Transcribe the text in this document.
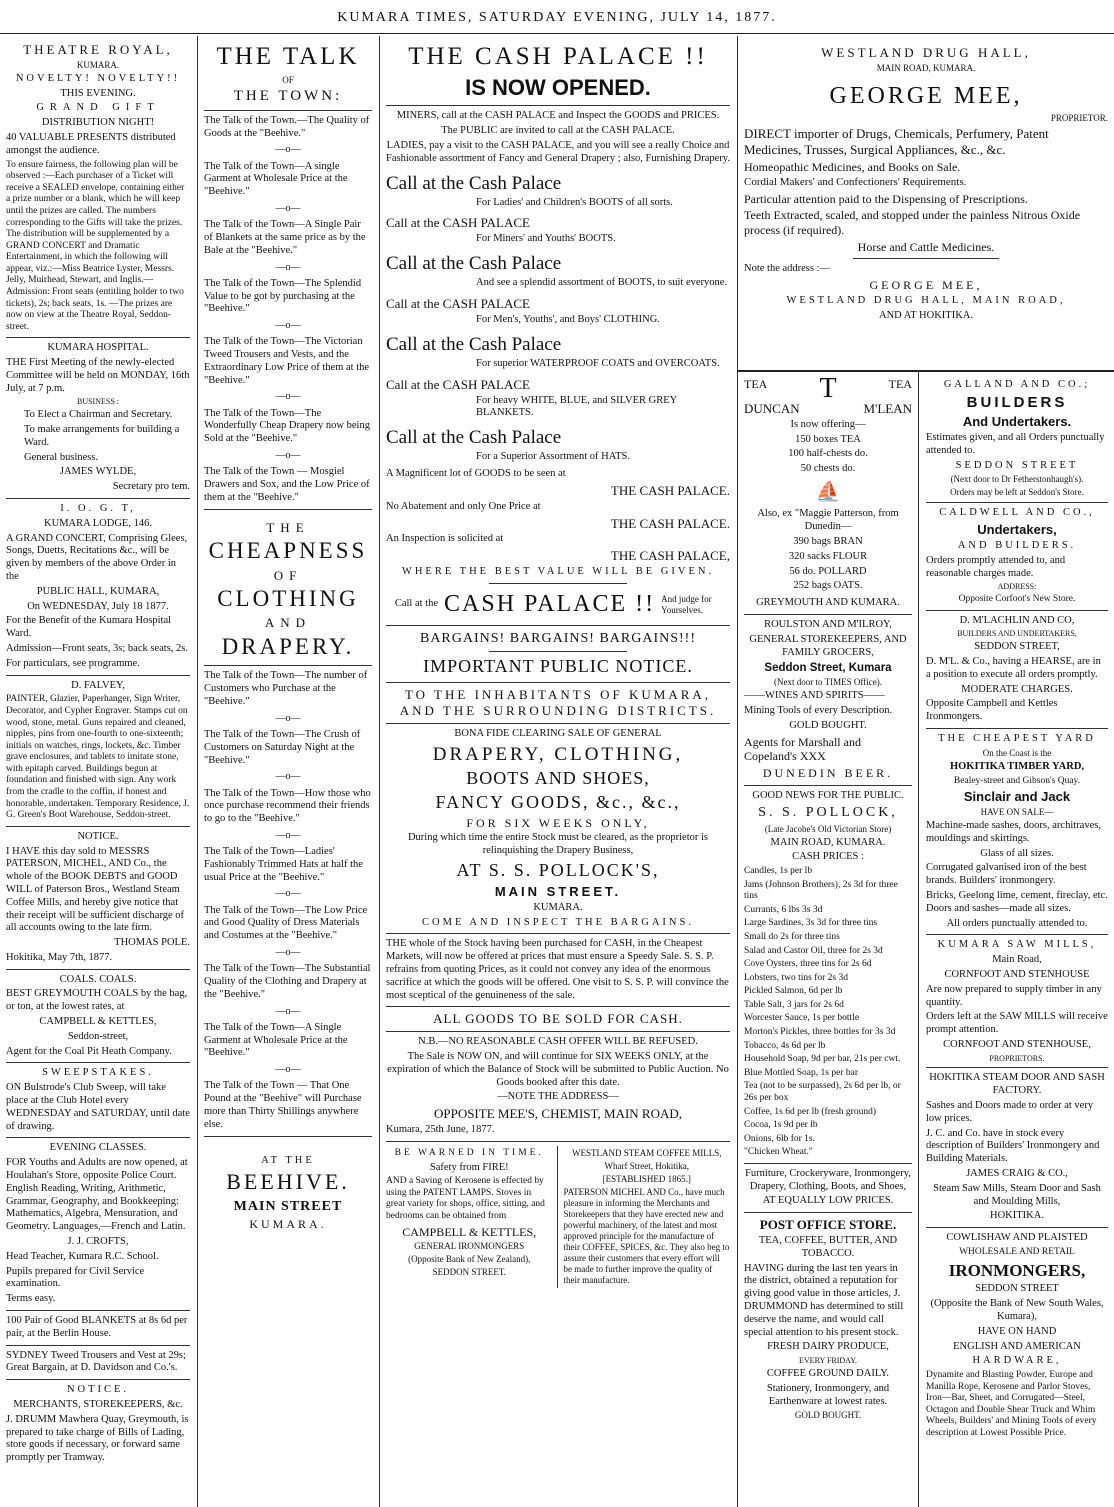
KUMARA TIMES, SATURDAY EVENING, JULY 14, 1877.

THEATRE ROYAL,

KUMARA.

NOVELTY! NOVELTY!!

THIS EVENING.

GRAND GIFT

DISTRIBUTION NIGHT!

40 VALUABLE PRESENTS distributed amongst the audience.

To ensure fairness, the following plan will be observed :—Each purchaser of a Ticket will receive a SEALED envelope, containing either a prize number or a blank, which he will keep until the prizes are called. The numbers corresponding to the Gifts will take the prizes. The distribution will be supplemented by a GRAND CONCERT and Dramatic Entertainment, in which the following will appear, viz.:—Miss Beatrice Lyster, Messrs. Jelly, Muirhead, Stewart, and Inglis.—Admission: Front seats (entitling holder to two tickets), 2s; back seats, 1s. —The prizes are now on view at the Theatre Royal, Seddon-street.

KUMARA HOSPITAL.

THE First Meeting of the newly-elected Committee will be held on MONDAY, 16th July, at 7 p.m.

BUSINESS :

To Elect a Chairman and Secretary.

To make arrangements for building a Ward.

General business.

JAMES WYLDE,

Secretary pro tem.

I. O. G. T,

KUMARA LODGE, 146.

A GRAND CONCERT, Comprising Glees, Songs, Duetts, Recitations &c., will be given by members of the above Order in the

PUBLIC HALL, KUMARA,

On WEDNESDAY, July 18 1877.

For the Benefit of the Kumara Hospital Ward.

Admission—Front seats, 3s; back seats, 2s.

For particulars, see programme.

D. FALVEY,

PAINTER, Glazier, Paperhanger, Sign Writer, Decorator, and Cypher Engraver. Stamps cut on wood, stone, metal. Guns repaired and cleaned, nipples, pins from one-fourth to one-sixteenth; initials on watches, rings, lockets, &c. Timber grave enclosures, and tablets to imitate stone, with epitaph carved. Buildings begun at foundation and finished with sign. Any work from the cradle to the coffin, if honest and honorable, undertaken. Temporary Residence, J. G. Green's Boot Warehouse, Seddon-street.

NOTICE.

I HAVE this day sold to MESSRS PATERSON, MICHEL, AND Co., the whole of the BOOK DEBTS and GOOD WILL of Paterson Bros., Westland Steam Coffee Mills, and hereby give notice that their receipt will be sufficient discharge of all accounts owing to the late firm.

THOMAS POLE.

Hokitika, May 7th, 1877.

COALS. COALS.

BEST GREYMOUTH COALS by the bag, or ton, at the lowest rates, at

CAMPBELL & KETTLES,

Seddon-street,

Agent for the Coal Pit Heath Company.

SWEEPSTAKES.

ON Bulstrode's Club Sweep, will take place at the Club Hotel every WEDNESDAY and SATURDAY, until date of drawing.

EVENING CLASSES.

FOR Youths and Adults are now opened, at Houlahan's Store, opposite Police Court. English Reading, Writing, Arithmetic, Grammar, Geography, and Bookkeeping: Mathematics, Algebra, Mensuration, and Geometry. Languages,—French and Latin.

J. J. CROFTS,

Head Teacher, Kumara R.C. School.

Pupils prepared for Civil Service examination.

Terms easy.

100 Pair of Good BLANKETS at 8s 6d per pair, at the Berlin House.

SYDNEY Tweed Trousers and Vest at 29s; Great Bargain, at D. Davidson and Co.'s.

NOTICE.

MERCHANTS, STOREKEEPERS, &c.

J. DRUMM Mawhera Quay, Greymouth, is prepared to take charge of Bills of Lading, store goods if necessary, or forward same promptly per Tramway.

THE TALK

OF

THE TOWN:

The Talk of the Town.—The Quality of Goods at the "Beehive."

—o—

The Talk of the Town—A single Garment at Wholesale Price at the "Beehive."

—o—

The Talk of the Town—A Single Pair of Blankets at the same price as by the Bale at the "Beehive."

—o—

The Talk of the Town—The Splendid Value to be got by purchasing at the "Beehive."

—o—

The Talk of the Town—The Victorian Tweed Trousers and Vests, and the Extraordinary Low Price of them at the "Beehive."

—o—

The Talk of the Town—The Wonderfully Cheap Drapery now being Sold at the "Beehive."

—o—

The Talk of the Town — Mosgiel Drawers and Sox, and the Low Price of them at the "Beehive."

THE

CHEAPNESS

OF

CLOTHING

AND

DRAPERY.

The Talk of the Town—The number of Customers who Purchase at the "Beehive."

—o—

The Talk of the Town—The Crush of Customers on Saturday Night at the "Beehive."

—o—

The Talk of the Town—How those who once purchase recommend their friends to go to the "Beehive."

—o—

The Talk of the Town—Ladies' Fashionably Trimmed Hats at half the usual Price at the "Beehive."

—o—

The Talk of the Town—The Low Price and Good Quality of Dress Materials and Costumes at the "Beehive."

—o—

The Talk of the Town—The Substantial Quality of the Clothing and Drapery at the "Beehive."

—o—

The Talk of the Town—A Single Garment at Wholesale Price at the "Beehive."

—o—

The Talk of the Town — That One Pound at the "Beehive" will Purchase more than Thirty Shillings anywhere else.

AT THE

BEEHIVE.

MAIN STREET

KUMARA.

THE CASH PALACE !!

IS NOW OPENED.

MINERS, call at the CASH PALACE and Inspect the GOODS and PRICES.

The PUBLIC are invited to call at the CASH PALACE.

LADIES, pay a visit to the CASH PALACE, and you will see a really Choice and Fashionable assortment of Fancy and General Drapery ; also, Furnishing Drapery.

Call at the Cash Palace

For Ladies' and Children's BOOTS of all sorts.

Call at the CASH PALACE

For Miners' and Youths' BOOTS.

Call at the Cash Palace

And see a splendid assortment of BOOTS, to suit everyone.

Call at the CASH PALACE

For Men's, Youths', and Boys' CLOTHING.

Call at the Cash Palace

For superior WATERPROOF COATS and OVERCOATS.

Call at the CASH PALACE

For heavy WHITE, BLUE, and SILVER GREY BLANKETS.

Call at the Cash Palace

For a Superior Assortment of HATS.

A Magnificent lot of GOODS to be seen at

THE CASH PALACE.

No Abatement and only One Price at

THE CASH PALACE.

An Inspection is solicited at

THE CASH PALACE,

WHERE THE BEST VALUE WILL BE GIVEN.

Call at the CASH PALACE !! And judge for Yourselves.

BARGAINS! BARGAINS! BARGAINS!!!

IMPORTANT PUBLIC NOTICE.

TO THE INHABITANTS OF KUMARA, AND THE SURROUNDING DISTRICTS.

BONA FIDE CLEARING SALE OF GENERAL

DRAPERY, CLOTHING,

BOOTS AND SHOES,

FANCY GOODS, &c., &c.,

FOR SIX WEEKS ONLY,

During which time the entire Stock must be cleared, as the proprietor is relinquishing the Drapery Business,

AT S. S. POLLOCK'S,

MAIN STREET.

KUMARA.

COME AND INSPECT THE BARGAINS.

THE whole of the Stock having been purchased for CASH, in the Cheapest Markets, will now be offered at prices that must ensure a Speedy Sale. S. S. P. refrains from quoting Prices, as it could not convey any idea of the enormous sacrifice at which the goods will be offered. One visit to S. S. P. will convince the most sceptical of the genuineness of the sale.

ALL GOODS TO BE SOLD FOR CASH.

N.B.—NO REASONABLE CASH OFFER WILL BE REFUSED.

The Sale is NOW ON, and will continue for SIX WEEKS ONLY, at the expiration of which the Balance of Stock will be submitted to Public Auction. No Goods booked after this date.

—NOTE THE ADDRESS—

OPPOSITE MEE'S, CHEMIST, MAIN ROAD,

Kumara, 25th June, 1877.

BE WARNED IN TIME.

Safety from FIRE!

AND a Saving of Kerosene is effected by using the PATENT LAMPS. Stoves in great variety for shops, office, sitting, and bedrooms can be obtained from

CAMPBELL & KETTLES,

GENERAL IRONMONGERS

(Opposite Bank of New Zealand),

SEDDON STREET.

WESTLAND STEAM COFFEE MILLS,

Wharf Street, Hokitika,

[ESTABLISHED 1865.]

PATERSON MICHEL AND Co., have much pleasure in informing the Merchants and Storekeepers that they have erected new and powerful machinery, of the latest and most approved principle for the manufacture of their COFFEE, SPICES, &c. They also beg to assure their customers that every effort will be made to further improve the quality of their manufacture.

WESTLAND DRUG HALL,

MAIN ROAD, KUMARA.

GEORGE MEE,

PROPRIETOR.

DIRECT importer of Drugs, Chemicals, Perfumery, Patent Medicines, Trusses, Surgical Appliances, &c., &c.

Homeopathic Medicines, and Books on Sale.

Cordial Makers' and Confectioners' Requirements.

Particular attention paid to the Dispensing of Prescriptions.

Teeth Extracted, scaled, and stopped under the painless Nitrous Oxide process (if required).

Horse and Cattle Medicines.

Note the address :—

GEORGE MEE,

WESTLAND DRUG HALL, MAIN ROAD,

AND AT HOKITIKA.

TEA T	TEA
DUNCAN	M'LEAN

Is now offering—

150 boxes TEA

100 half-chests do.

50 chests do.

⛵

Also, ex "Maggie Patterson, from Dunedin—

390 bags BRAN

320 sacks FLOUR

56 do. POLLARD

252 bags OATS.

GREYMOUTH AND KUMARA.

ROULSTON AND M'ILROY,

GENERAL STOREKEEPERS, AND FAMILY GROCERS,

Seddon Street, Kumara

(Next door to TIMES Office).

——WINES AND SPIRITS——

Mining Tools of every Description.

GOLD BOUGHT.

Agents for Marshall and Copeland's XXX

DUNEDIN BEER.

GOOD NEWS FOR THE PUBLIC.

S. S. POLLOCK,

(Late Jacobe's Old Victorian Store)

MAIN ROAD, KUMARA.

CASH PRICES :

Candles, 1s per lb

Jams (Johnson Brothers), 2s 3d for three tins

Currants, 6 lbs 3s 3d

Large Sardines, 3s 3d for three tins

Small do 2s for three tins

Salad and Castor Oil, three for 2s 3d

Cove Oysters, three tins for 2s 6d

Lobsters, two tins for 2s 3d

Pickled Salmon, 6d per lb

Table Salt, 3 jars for 2s 6d

Worcester Sauce, 1s per bottle

Morton's Pickles, three bottles for 3s 3d

Tobacco, 4s 6d per lb

Household Soap, 9d per bar, 21s per cwt.

Blue Mottled Soap, 1s per bar

Tea (not to be surpassed), 2s 6d per lb, or 26s per box

Coffee, 1s 6d per lb (fresh ground)

Cocoa, 1s 9d per lb

Onions, 6lb for 1s.

"Chicken Wheat."

Furniture, Crockeryware, Ironmongery, Drapery, Clothing, Boots, and Shoes,

AT EQUALLY LOW PRICES.

POST OFFICE STORE.

TEA, COFFEE, BUTTER, AND TOBACCO.

HAVING during the last ten years in the district, obtained a reputation for giving good value in those articles, J. DRUMMOND has determined to still deserve the name, and would call special attention to his present stock.

FRESH DAIRY PRODUCE,

EVERY FRIDAY.

COFFEE GROUND DAILY.

Stationery, Ironmongery, and Earthenware at lowest rates.

GOLD BOUGHT.

GALLAND AND CO.;

BUILDERS

And Undertakers.

Estimates given, and all Orders punctually attended to.

SEDDON STREET

(Next door to Dr Fetherstonhaugh's).

Orders may be left at Seddon's Store.

CALDWELL AND CO.,

Undertakers,

AND BUILDERS.

Orders promptly attended to, and reasonable charges made.

ADDRESS:

Opposite Corfoot's New Store.

D. M'LACHLIN AND CO,

BUILDERS AND UNDERTAKERS,

SEDDON STREET,

D. M'L. & Co., having a HEARSE, are in a position to execute all orders promptly.

MODERATE CHARGES.

Opposite Campbell and Kettles Ironmongers.

THE CHEAPEST YARD

On the Coast is the

HOKITIKA TIMBER YARD,

Bealey-street and Gibson's Quay.

Sinclair and Jack

HAVE ON SALE—

Machine-made sashes, doors, architraves, mouldings and skirtings.

Glass of all sizes.

Corrugated galvanised iron of the best brands. Builders' ironmongery.

Bricks, Geelong lime, cement, fireclay, etc. Doors and sashes—made all sizes.

All orders punctually attended to.

KUMARA SAW MILLS,

Main Road,

CORNFOOT AND STENHOUSE

Are now prepared to supply timber in any quantity.

Orders left at the SAW MILLS will receive prompt attention.

CORNFOOT AND STENHOUSE,

PROPRIETORS.

HOKITIKA STEAM DOOR AND SASH FACTORY.

Sashes and Doors made to order at very low prices.

J. C. and Co. have in stock every description of Builders' Ironmongery and Building Materials.

JAMES CRAIG & CO.,

Steam Saw Mills, Steam Door and Sash and Moulding Mills,

HOKITIKA.

COWLISHAW AND PLAISTED

WHOLESALE AND RETAIL

IRONMONGERS,

SEDDON STREET

(Opposite the Bank of New South Wales, Kumara),

HAVE ON HAND

ENGLISH AND AMERICAN

HARDWARE,

Dynamite and Blasting Powder, Europe and Manilla Rope, Kerosene and Parlor Stoves, Iron—Bar, Sheet, and Corrugated—Steel, Octagon and Double Shear Truck and Whim Wheels, Builders' and Mining Tools of every description at Lowest Possible Price.
